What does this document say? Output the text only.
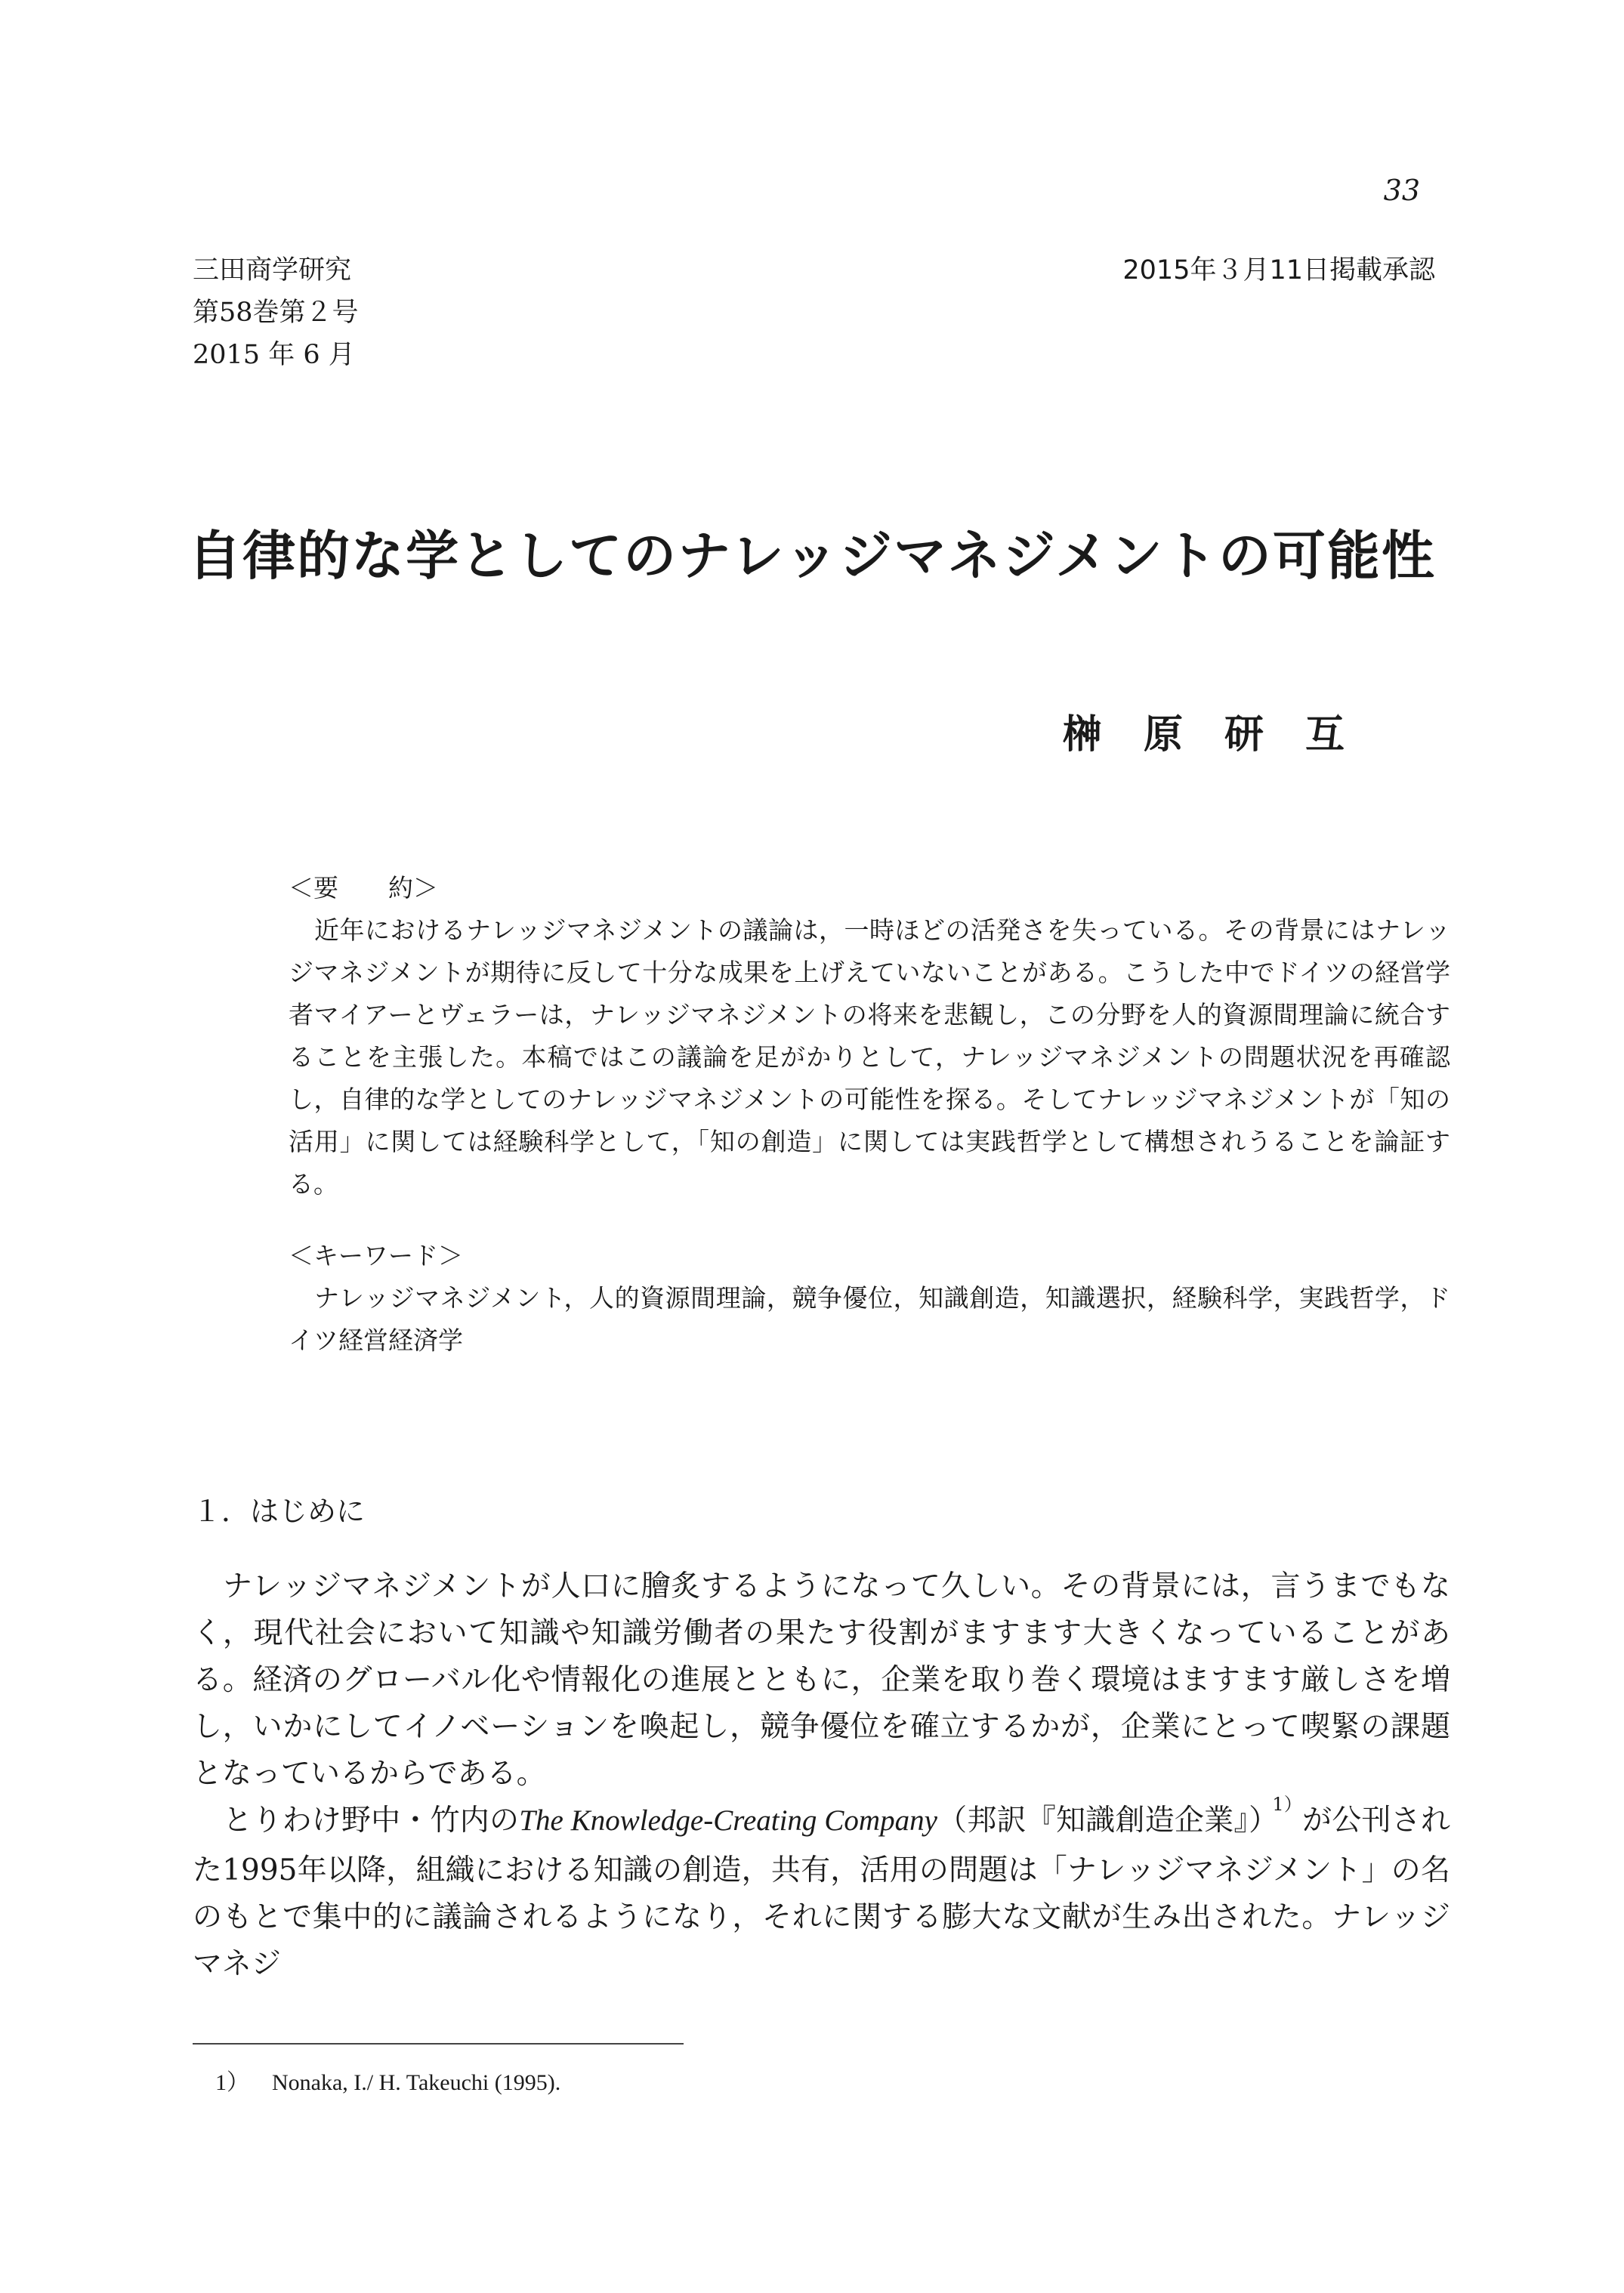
33
三田商学研究
第58巻第２号
2015 年 6 月
2015年３月11日掲載承認
自律的な学としてのナレッジマネジメントの可能性
榊原研互
＜要　　約＞
近年におけるナレッジマネジメントの議論は，一時ほどの活発さを失っている。その背景にはナレッジマネジメントが期待に反して十分な成果を上げえていないことがある。こうした中でドイツの経営学者マイアーとヴェラーは，ナレッジマネジメントの将来を悲観し，この分野を人的資源間理論に統合することを主張した。本稿ではこの議論を足がかりとして，ナレッジマネジメントの問題状況を再確認し，自律的な学としてのナレッジマネジメントの可能性を探る。そしてナレッジマネジメントが「知の活用」に関しては経験科学として，「知の創造」に関しては実践哲学として構想されうることを論証する。
＜キーワード＞
ナレッジマネジメント，人的資源間理論，競争優位，知識創造，知識選択，経験科学，実践哲学，ドイツ経営経済学
１．はじめに

ナレッジマネジメントが人口に膾炙するようになって久しい。その背景には，言うまでもなく，現代社会において知識や知識労働者の果たす役割がますます大きくなっていることがある。経済のグローバル化や情報化の進展とともに，企業を取り巻く環境はますます厳しさを増し，いかにしてイノベーションを喚起し，競争優位を確立するかが，企業にとって喫緊の課題となっているからである。

とりわけ野中・竹内のThe Knowledge-Creating Company（邦訳『知識創造企業』）$^{1)}$が公刊された1995年以降，組織における知識の創造，共有，活用の問題は「ナレッジマネジメント」の名のもとで集中的に議論されるようになり，それに関する膨大な文献が生み出された。ナレッジマネジ

1） Nonaka, I./ H. Takeuchi (1995).
